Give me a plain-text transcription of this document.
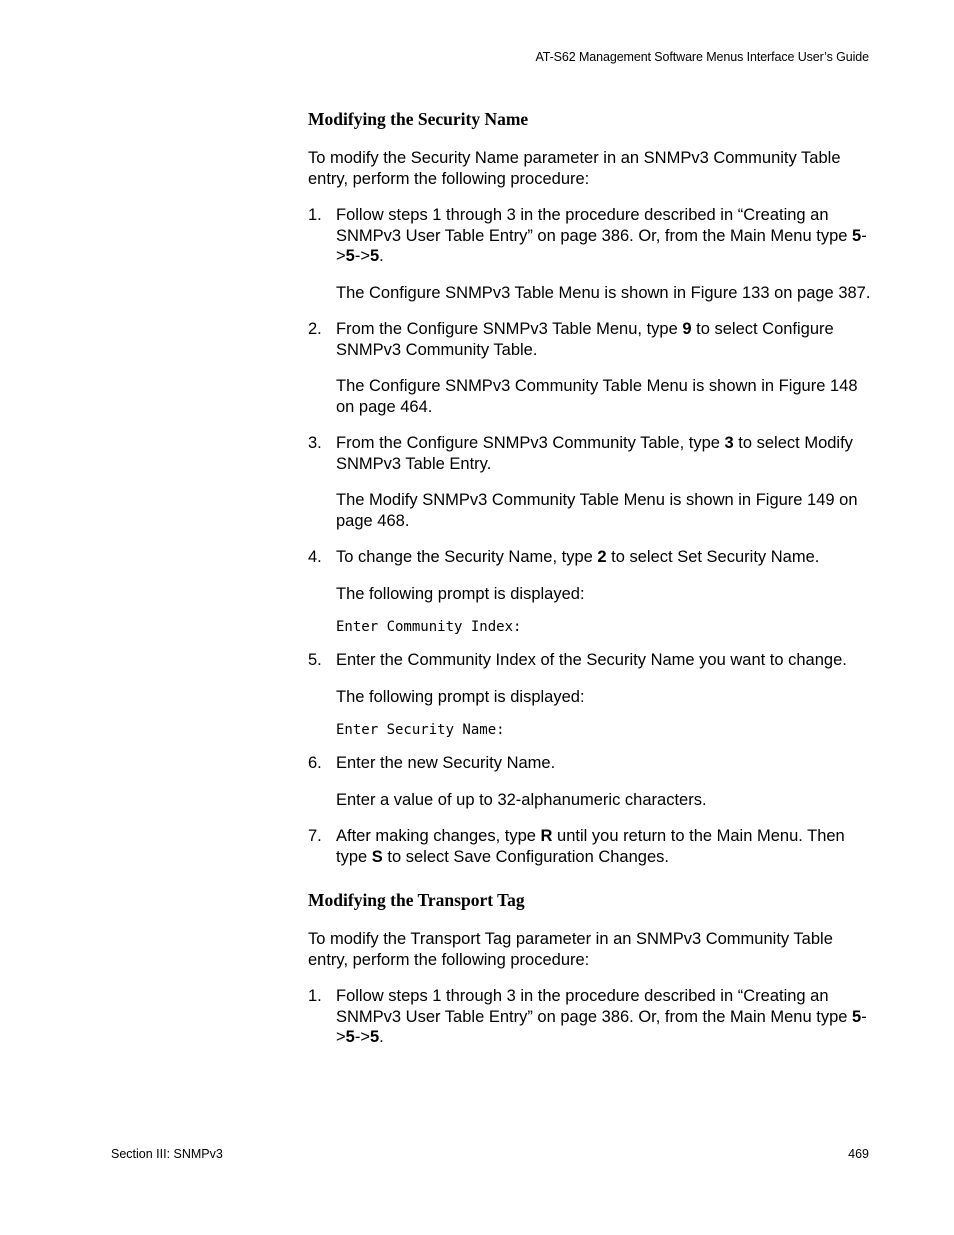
AT-S62 Management Software Menus Interface User’s Guide
Modifying the Security Name

To modify the Security Name parameter in an SNMPv3 Community Table entry, perform the following procedure:

1. Follow steps 1 through 3 in the procedure described in “Creating an SNMPv3 User Table Entry” on page 386. Or, from the Main Menu type 5->5->5.

The Configure SNMPv3 Table Menu is shown in Figure 133 on page 387.

2. From the Configure SNMPv3 Table Menu, type 9 to select Configure SNMPv3 Community Table.

The Configure SNMPv3 Community Table Menu is shown in Figure 148 on page 464.

3. From the Configure SNMPv3 Community Table, type 3 to select Modify SNMPv3 Table Entry.

The Modify SNMPv3 Community Table Menu is shown in Figure 149 on page 468.

4. To change the Security Name, type 2 to select Set Security Name.

The following prompt is displayed:

Enter Community Index:
5. Enter the Community Index of the Security Name you want to change.

The following prompt is displayed:

Enter Security Name:
6. Enter the new Security Name.

Enter a value of up to 32-alphanumeric characters.

7. After making changes, type R until you return to the Main Menu. Then type S to select Save Configuration Changes.

Modifying the Transport Tag

To modify the Transport Tag parameter in an SNMPv3 Community Table entry, perform the following procedure:

1. Follow steps 1 through 3 in the procedure described in “Creating an SNMPv3 User Table Entry” on page 386. Or, from the Main Menu type 5->5->5.

Section III: SNMPv3	469
